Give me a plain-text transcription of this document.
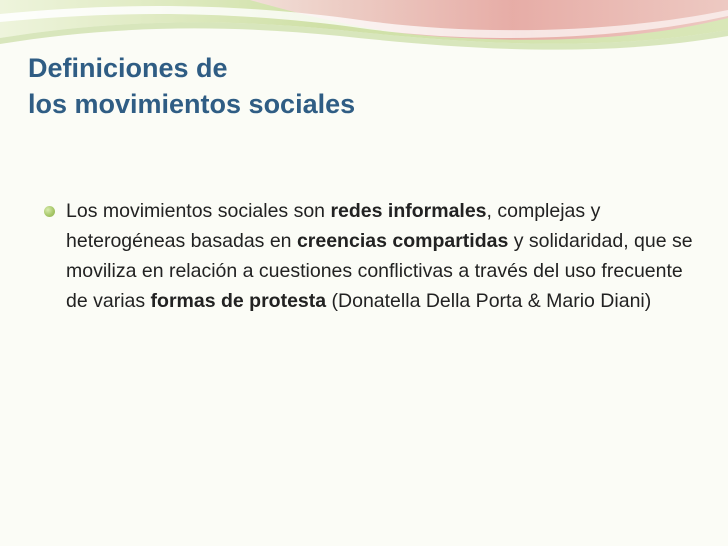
Definiciones de
los movimientos sociales
Los movimientos sociales son redes informales, complejas y heterogéneas basadas en creencias compartidas y solidaridad, que se moviliza en relación a cuestiones conflictivas a través del uso frecuente de varias formas de protesta (Donatella Della Porta & Mario Diani)
